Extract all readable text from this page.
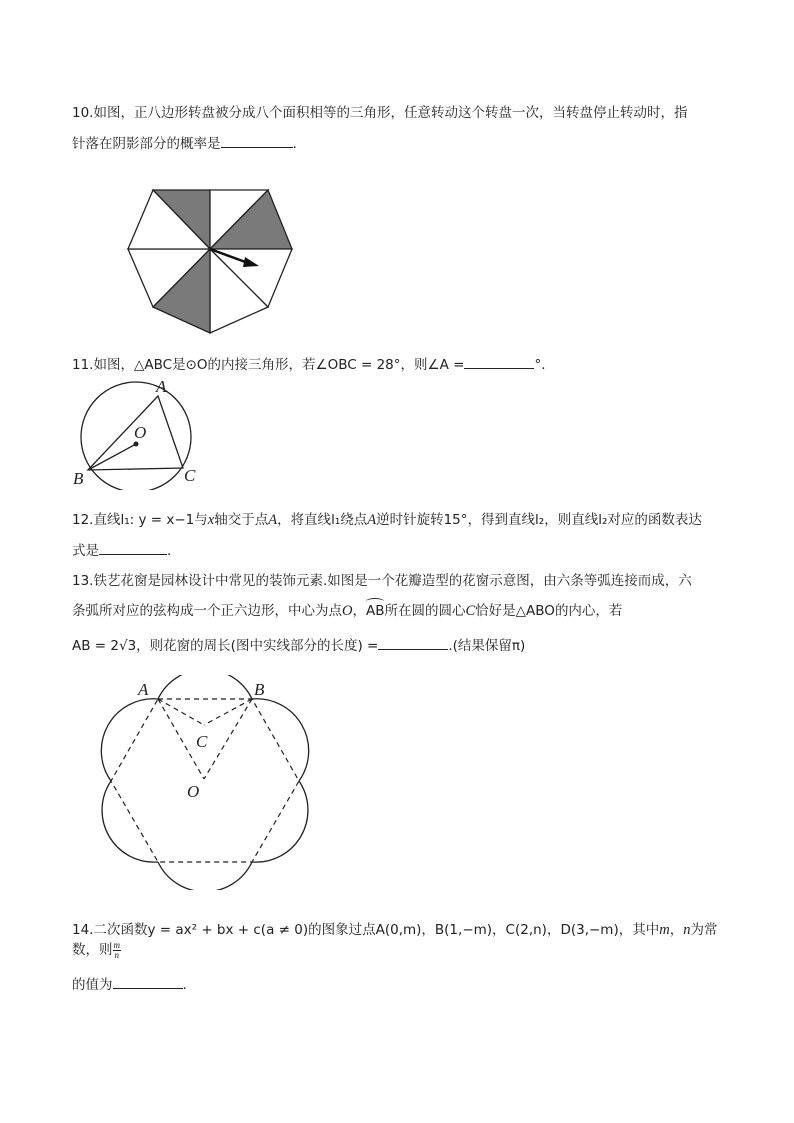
10.如图，正八边形转盘被分成八个面积相等的三角形，任意转动这个转盘一次，当转盘停止转动时，指
针落在阴影部分的概率是	.
11.如图，△ABC是⊙O的内接三角形，若∠OBC = 28°，则∠A =	°.
A
O
B	C
12.直线l₁: y = x−1与x轴交于点A，将直线l₁绕点A逆时针旋转15°，得到直线l₂，则直线l₂对应的函数表达
式是	.
13.铁艺花窗是园林设计中常见的装饰元素.如图是一个花瓣造型的花窗示意图，由六条等弧连接而成，六
条弧所对应的弦构成一个正六边形，中心为点O，AB所在圆的圆心C恰好是△ABO的内心，若
AB = 2√3，则花窗的周长(图中实线部分的长度) =	.(结果保留π)
A	B
C
O
14.二次函数y = ax² + bx + c(a ≠ 0)的图象过点A(0,m)，B(1,−m)，C(2,n)，D(3,−m)，其中m，n为常数，则 $\frac{m}{n}$
的值为	.
